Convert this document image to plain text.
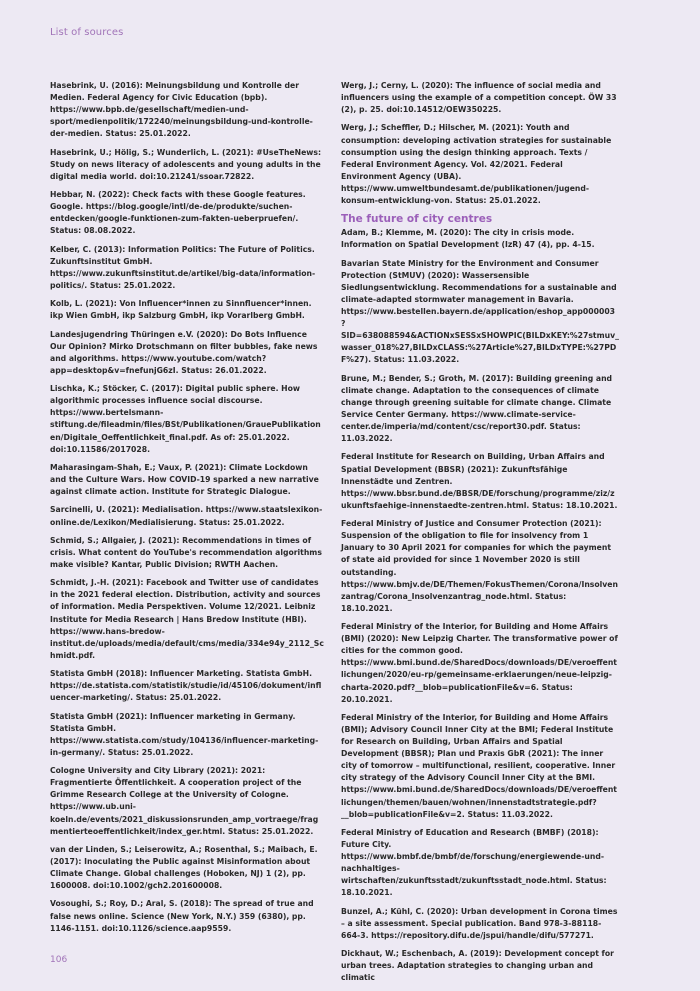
List of sources

Hasebrink, U. (2016): Meinungsbildung und Kontrolle der Medien. Federal Agency for Civic Education (bpb). https://www.bpb.de/gesellschaft/medien-und-sport/medienpolitik/172240/meinungsbildung-und-kontrolle-der-medien. Status: 25.01.2022.

Hasebrink, U.; Hölig, S.; Wunderlich, L. (2021): #UseTheNews: Study on news literacy of adolescents and young adults in the digital media world. doi:10.21241/ssoar.72822.

Hebbar, N. (2022): Check facts with these Google features. Google. https://blog.google/intl/de-de/produkte/suchen-entdecken/google-funktionen-zum-fakten-ueberpruefen/. Status: 08.08.2022.

Kelber, C. (2013): Information Politics: The Future of Politics. Zukunftsinstitut GmbH. https://www.zukunftsinstitut.de/artikel/big-data/information-politics/. Status: 25.01.2022.

Kolb, L. (2021): Von Influencer*innen zu Sinnfluencer*innen. ikp Wien GmbH, ikp Salzburg GmbH, ikp Vorarlberg GmbH.

Landesjugendring Thüringen e.V. (2020): Do Bots Influence Our Opinion? Mirko Drotschmann on filter bubbles, fake news and algorithms. https://www.youtube.com/watch?app=desktop&v=fnefunjG6zI. Status: 26.01.2022.

Lischka, K.; Stöcker, C. (2017): Digital public sphere. How algorithmic processes influence social discourse. https://www.bertelsmann-stiftung.de/fileadmin/files/BSt/Publikationen/GrauePublikationen/Digitale_Oeffentlichkeit_final.pdf. As of: 25.01.2022. doi:10.11586/2017028.

Maharasingam-Shah, E.; Vaux, P. (2021): Climate Lockdown and the Culture Wars. How COVID-19 sparked a new narrative against climate action. Institute for Strategic Dialogue.

Sarcinelli, U. (2021): Medialisation. https://www.staatslexikon-online.de/Lexikon/Medialisierung. Status: 25.01.2022.

Schmid, S.; Allgaier, J. (2021): Recommendations in times of crisis. What content do YouTube's recommendation algorithms make visible? Kantar, Public Division; RWTH Aachen.

Schmidt, J.-H. (2021): Facebook and Twitter use of candidates in the 2021 federal election. Distribution, activity and sources of information. Media Perspektiven. Volume 12/2021. Leibniz Institute for Media Research | Hans Bredow Institute (HBI). https://www.hans-bredow-institut.de/uploads/media/default/cms/media/334e94y_2112_Schmidt.pdf.

Statista GmbH (2018): Influencer Marketing. Statista GmbH. https://de.statista.com/statistik/studie/id/45106/dokument/influencer-marketing/. Status: 25.01.2022.

Statista GmbH (2021): Influencer marketing in Germany. Statista GmbH. https://www.statista.com/study/104136/influencer-marketing-in-germany/. Status: 25.01.2022.

Cologne University and City Library (2021): 2021: Fragmentierte Öffentlichkeit. A cooperation project of the Grimme Research College at the University of Cologne. https://www.ub.uni-koeln.de/events/2021_diskussionsrunden_amp_vortraege/fragmentierteoeffentlichkeit/index_ger.html. Status: 25.01.2022.

van der Linden, S.; Leiserowitz, A.; Rosenthal, S.; Maibach, E. (2017): Inoculating the Public against Misinformation about Climate Change. Global challenges (Hoboken, NJ) 1 (2), pp. 1600008. doi:10.1002/gch2.201600008.

Vosoughi, S.; Roy, D.; Aral, S. (2018): The spread of true and false news online. Science (New York, N.Y.) 359 (6380), pp. 1146-1151. doi:10.1126/science.aap9559.

Werg, J.; Cerny, L. (2020): The influence of social media and influencers using the example of a competition concept. ÖW 33 (2), p. 25. doi:10.14512/OEW350225.

Werg, J.; Scheffler, D.; Hilscher, M. (2021): Youth and consumption: developing activation strategies for sustainable consumption using the design thinking approach. Texts / Federal Environment Agency. Vol. 42/2021. Federal Environment Agency (UBA). https://www.umweltbundesamt.de/publikationen/jugend-konsum-entwicklung-von. Status: 25.01.2022.

The future of city centres

Adam, B.; Klemme, M. (2020): The city in crisis mode. Information on Spatial Development (IzR) 47 (4), pp. 4-15.

Bavarian State Ministry for the Environment and Consumer Protection (StMUV) (2020): Wassersensible Siedlungsentwicklung. Recommendations for a sustainable and climate-adapted stormwater management in Bavaria. https://www.bestellen.bayern.de/application/eshop_app000003?SID=638088594&ACTIONxSESSxSHOWPIC(BILDxKEY:%27stmuv_wasser_018%27,BILDxCLASS:%27Article%27,BILDxTYPE:%27PDF%27). Status: 11.03.2022.

Brune, M.; Bender, S.; Groth, M. (2017): Building greening and climate change. Adaptation to the consequences of climate change through greening suitable for climate change. Climate Service Center Germany. https://www.climate-service-center.de/imperia/md/content/csc/report30.pdf. Status: 11.03.2022.

Federal Institute for Research on Building, Urban Affairs and Spatial Development (BBSR) (2021): Zukunftsfähige Innenstädte und Zentren. https://www.bbsr.bund.de/BBSR/DE/forschung/programme/ziz/zukunftsfaehige-innenstaedte-zentren.html. Status: 18.10.2021.

Federal Ministry of Justice and Consumer Protection (2021): Suspension of the obligation to file for insolvency from 1 January to 30 April 2021 for companies for which the payment of state aid provided for since 1 November 2020 is still outstanding. https://www.bmjv.de/DE/Themen/FokusThemen/Corona/Insolvenzantrag/Corona_Insolvenzantrag_node.html. Status: 18.10.2021.

Federal Ministry of the Interior, for Building and Home Affairs (BMI) (2020): New Leipzig Charter. The transformative power of cities for the common good. https://www.bmi.bund.de/SharedDocs/downloads/DE/veroeffentlichungen/2020/eu-rp/gemeinsame-erklaerungen/neue-leipzig-charta-2020.pdf?__blob=publicationFile&v=6. Status: 20.10.2021.

Federal Ministry of the Interior, for Building and Home Affairs (BMI); Advisory Council Inner City at the BMI; Federal Institute for Research on Building, Urban Affairs and Spatial Development (BBSR); Plan und Praxis GbR (2021): The inner city of tomorrow – multifunctional, resilient, cooperative. Inner city strategy of the Advisory Council Inner City at the BMI. https://www.bmi.bund.de/SharedDocs/downloads/DE/veroeffentlichungen/themen/bauen/wohnen/innenstadtstrategie.pdf?__blob=publicationFile&v=2. Status: 11.03.2022.

Federal Ministry of Education and Research (BMBF) (2018): Future City. https://www.bmbf.de/bmbf/de/forschung/energiewende-und-nachhaltiges-wirtschaften/zukunftsstadt/zukunftsstadt_node.html. Status: 18.10.2021.

Bunzel, A.; Kühl, C. (2020): Urban development in Corona times – a site assessment. Special publication. Band 978-3-88118-664-3. https://repository.difu.de/jspui/handle/difu/577271.

Dickhaut, W.; Eschenbach, A. (2019): Development concept for urban trees. Adaptation strategies to changing urban and climatic

106
